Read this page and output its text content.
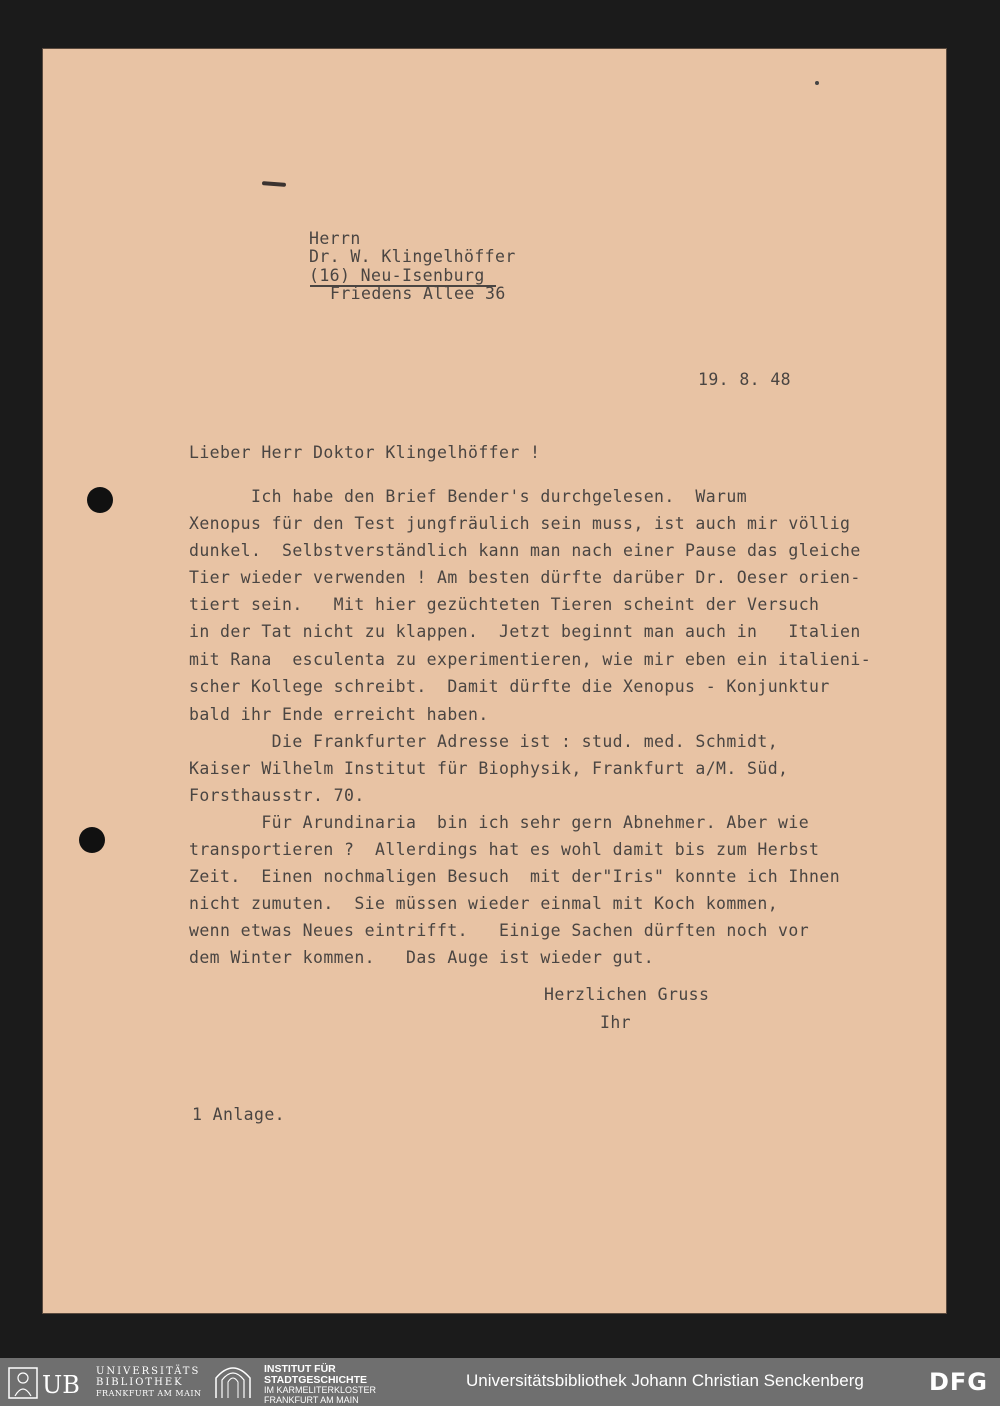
Herrn

Dr. W. Klingelhöffer

(16) Neu-Isenburg

Friedens Allee 36

19. 8. 48

Lieber Herr Doktor Klingelhöffer !

Ich habe den Brief Bender's durchgelesen.  Warum

Xenopus für den Test jungfräulich sein muss, ist auch mir völlig

dunkel.  Selbstverständlich kann man nach einer Pause das gleiche

Tier wieder verwenden ! Am besten dürfte darüber Dr. Oeser orien-

tiert sein.   Mit hier gezüchteten Tieren scheint der Versuch

in der Tat nicht zu klappen.  Jetzt beginnt man auch in   Italien

mit Rana  esculenta zu experimentieren, wie mir eben ein italieni-

scher Kollege schreibt.  Damit dürfte die Xenopus - Konjunktur

bald ihr Ende erreicht haben.

Die Frankfurter Adresse ist : stud. med. Schmidt,

Kaiser Wilhelm Institut für Biophysik, Frankfurt a/M. Süd,

Forsthausstr. 70.

Für Arundinaria  bin ich sehr gern Abnehmer. Aber wie

transportieren ?  Allerdings hat es wohl damit bis zum Herbst

Zeit.  Einen nochmaligen Besuch  mit der"Iris" konnte ich Ihnen

nicht zumuten.  Sie müssen wieder einmal mit Koch kommen,

wenn etwas Neues eintrifft.   Einige Sachen dürften noch vor

dem Winter kommen.   Das Auge ist wieder gut.

Herzlichen Gruss

Ihr

1 Anlage.

UB UNIVERSITÄTS
BIBLIOTHEK
FRANKFURT AM MAIN
INSTITUT FÜR
STADTGESCHICHTE
IM KARMELITERKLOSTER
FRANKFURT AM MAIN
Universitätsbibliothek Johann Christian Senckenberg	DFG
